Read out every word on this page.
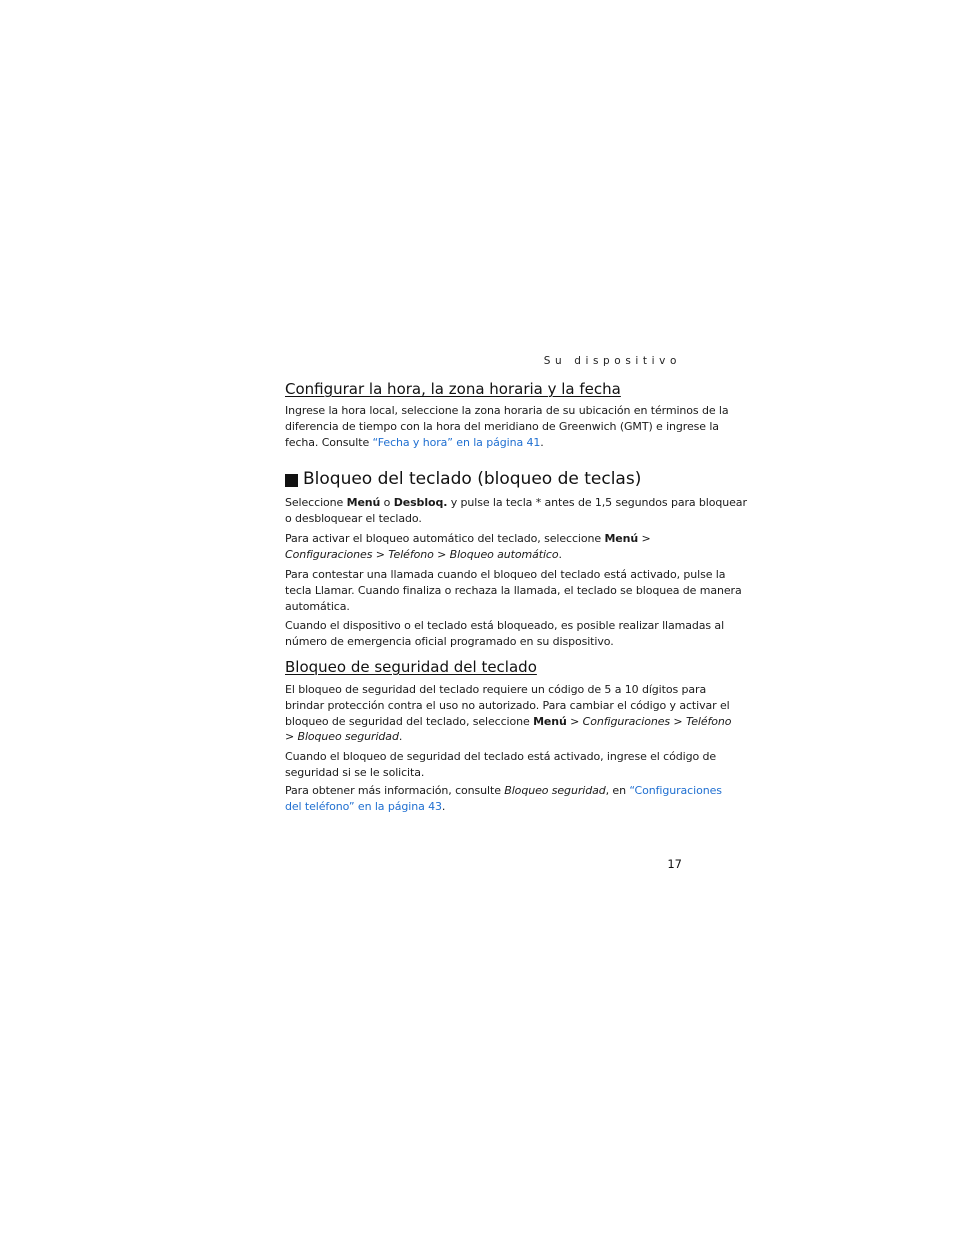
Su dispositivo
Configurar la hora, la zona horaria y la fecha

Ingrese la hora local, seleccione la zona horaria de su ubicación en términos de la
diferencia de tiempo con la hora del meridiano de Greenwich (GMT) e ingrese la
fecha. Consulte “Fecha y hora” en la página 41.

Bloqueo del teclado (bloqueo de teclas)

Seleccione Menú o Desbloq. y pulse la tecla * antes de 1,5 segundos para bloquear
o desbloquear el teclado.

Para activar el bloqueo automático del teclado, seleccione Menú >
Configuraciones > Teléfono > Bloqueo automático.

Para contestar una llamada cuando el bloqueo del teclado está activado, pulse la
tecla Llamar. Cuando finaliza o rechaza la llamada, el teclado se bloquea de manera
automática.

Cuando el dispositivo o el teclado está bloqueado, es posible realizar llamadas al
número de emergencia oficial programado en su dispositivo.

Bloqueo de seguridad del teclado

El bloqueo de seguridad del teclado requiere un código de 5 a 10 dígitos para
brindar protección contra el uso no autorizado. Para cambiar el código y activar el
bloqueo de seguridad del teclado, seleccione Menú > Configuraciones > Teléfono
> Bloqueo seguridad.

Cuando el bloqueo de seguridad del teclado está activado, ingrese el código de
seguridad si se le solicita.

Para obtener más información, consulte Bloqueo seguridad, en “Configuraciones
del teléfono” en la página 43.

17
